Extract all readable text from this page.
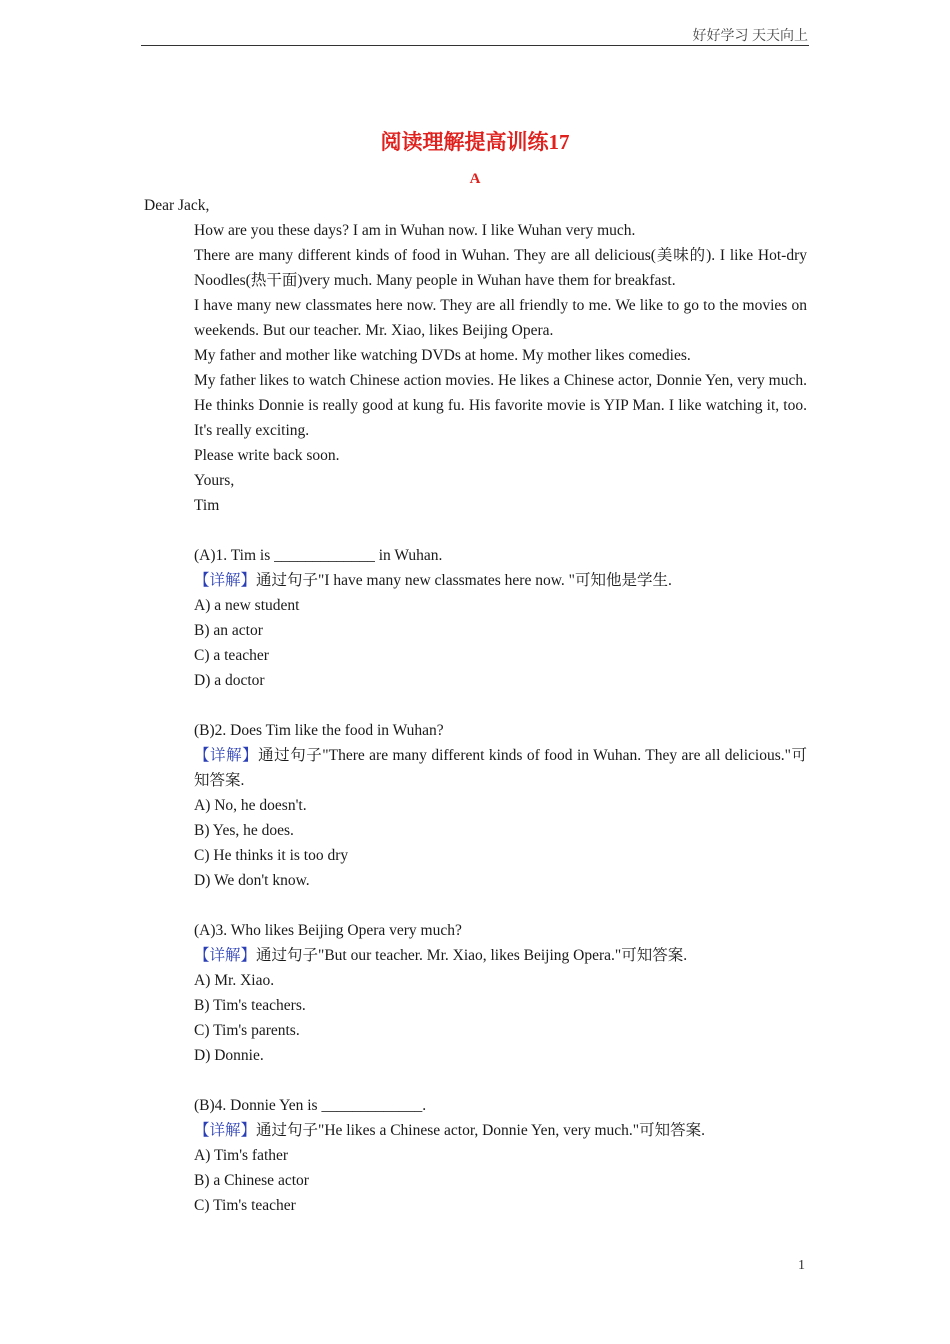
好好学习 天天向上
阅读理解提高训练17
A

Dear Jack,

How are you these days? I am in Wuhan now. I like Wuhan very much.

There are many different kinds of food in Wuhan. They are all delicious(美味的). I like Hot-dry Noodles(热干面)very much. Many people in Wuhan have them for breakfast.

I have many new classmates here now. They are all friendly to me. We like to go to the movies on weekends. But our teacher. Mr. Xiao, likes Beijing Opera.

My father and mother like watching DVDs at home. My mother likes comedies.

My father likes to watch Chinese action movies. He likes a Chinese actor, Donnie Yen, very much. He thinks Donnie is really good at kung fu. His favorite movie is YIP Man. I like watching it, too. It's really exciting.

Please write back soon.

Yours,

Tim

(A)1. Tim is _____________ in Wuhan.

【详解】通过句子"I have many new classmates here now. "可知他是学生.

A) a new student

B) an actor

C) a teacher

D) a doctor

(B)2. Does Tim like the food in Wuhan?

【详解】通过句子"There are many different kinds of food in Wuhan. They are all delicious."可知答案.

A) No, he doesn't.

B) Yes, he does.

C) He thinks it is too dry

D) We don't know.

(A)3. Who likes Beijing Opera very much?

【详解】通过句子"But our teacher. Mr. Xiao, likes Beijing Opera."可知答案.

A) Mr. Xiao.

B) Tim's teachers.

C) Tim's parents.

D) Donnie.

(B)4. Donnie Yen is _____________.

【详解】通过句子"He likes a Chinese actor, Donnie Yen, very much."可知答案.

A) Tim's father

B) a Chinese actor

C) Tim's teacher

1
